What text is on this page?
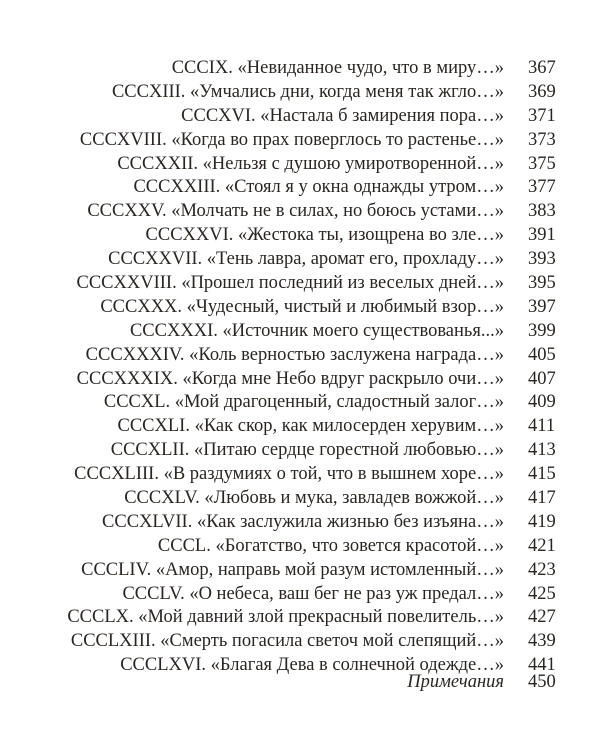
CCCIX. «Невиданное чудо, что в миру…» 367
CCCXIII. «Умчались дни, когда меня так жгло…» 369
CCCXVI. «Настала б замирения пора…» 371
CCCXVIII. «Когда во прах поверглось то растенье…» 373
CCCXXII. «Нельзя с душою умиротворенной…» 375
CCCXXIII. «Стоял я у окна однажды утром…» 377
CCCXXV. «Молчать не в силах, но боюсь устами…» 383
CCCXXVI. «Жестока ты, изощрена во зле…» 391
CCCXXVII. «Тень лавра, аромат его, прохладу…» 393
CCCXXVIII. «Прошел последний из веселых дней…» 395
CCCXXX. «Чудесный, чистый и любимый взор…» 397
CCCXXXI. «Источник моего существованья...» 399
CCCXXXIV. «Коль верностью заслужена награда…» 405
CCCXXXIX. «Когда мне Небо вдруг раскрыло очи…» 407
CCCXL. «Мой драгоценный, сладостный залог…» 409
CCCXLI. «Как скор, как милосерден херувим…» 411
CCCXLII. «Питаю сердце горестной любовью…» 413
CCCXLIII. «В раздумиях о той, что в вышнем хоре…» 415
CCCXLV. «Любовь и мука, завладев вожжой…» 417
CCCXLVII. «Как заслужила жизнью без изъяна…» 419
CCCL. «Богатство, что зовется красотой…» 421
CCCLIV. «Амор, направь мой разум истомленный…» 423
CCCLV. «О небеса, ваш бег не раз уж предал…» 425
CCCLX. «Мой давний злой прекрасный повелитель…» 427
CCCLXIII. «Смерть погасила светоч мой слепящий…» 439
CCCLXVI. «Благая Дева в солнечной одежде…» 441
Примечания 450
